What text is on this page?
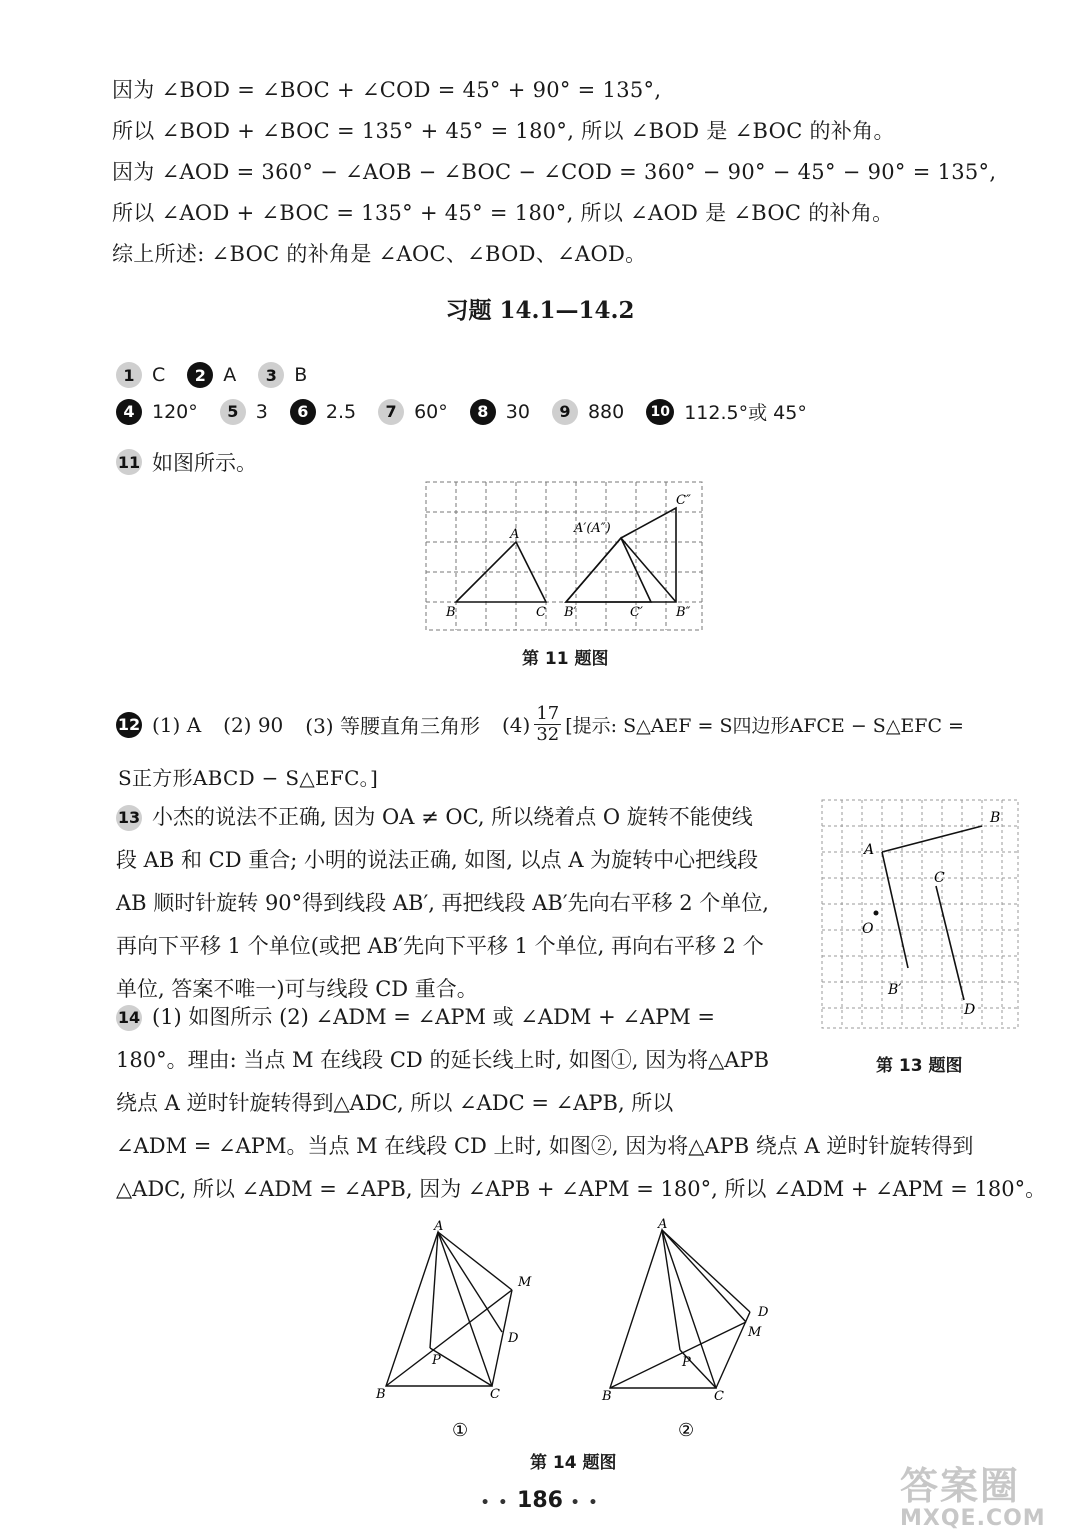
因为 ∠BOD = ∠BOC + ∠COD = 45° + 90° = 135°,
所以 ∠BOD + ∠BOC = 135° + 45° = 180°, 所以 ∠BOD 是 ∠BOC 的补角。
因为 ∠AOD = 360° − ∠AOB − ∠BOC − ∠COD = 360° − 90° − 45° − 90° = 135°,
所以 ∠AOD + ∠BOC = 135° + 45° = 180°, 所以 ∠AOD 是 ∠BOC 的补角。
综上所述: ∠BOC 的补角是 ∠AOC、∠BOD、∠AOD。
习题 14.1—14.2
1 C	2 A	3 B
4 120°	5 3	6 2.5	7 60°	8 30	9 880	10 112.5°或 45°
11 如图所示。
A
B	C
A′(A″)
B′	C′	B″
C″
第 11 题图
12 (1) A (2) 90 (3) 等腰直角三角形 $(4) \frac{17}{32}$ [提示: S△AEF = S四边形AFCE − S△EFC =
S正方形ABCD − S△EFC。]
13 小杰的说法不正确, 因为 OA ≠ OC, 所以绕着点 O 旋转不能使线
段 AB 和 CD 重合; 小明的说法正确, 如图, 以点 A 为旋转中心把线段
AB 顺时针旋转 90°得到线段 AB′, 再把线段 AB′先向右平移 2 个单位,
再向下平移 1 个单位(或把 AB′先向下平移 1 个单位, 再向右平移 2 个
单位, 答案不唯一)可与线段 CD 重合。
A
B
C
O
B′
D
第 13 题图
14 (1) 如图所示 (2) ∠ADM = ∠APM 或 ∠ADM + ∠APM =
180°。理由: 当点 M 在线段 CD 的延长线上时, 如图①, 因为将△APB
绕点 A 逆时针旋转得到△ADC, 所以 ∠ADC = ∠APB, 所以
∠ADM = ∠APM。当点 M 在线段 CD 上时, 如图②, 因为将△APB 绕点 A 逆时针旋转得到
△ADC, 所以 ∠ADM = ∠APB, 因为 ∠APB + ∠APM = 180°, 所以 ∠ADM + ∠APM = 180°。
A
B	C
D
M
P
①
A
B	C
D
M
P
②
第 14 题图
• • 186 • •	答案圈
MXQE.COM
